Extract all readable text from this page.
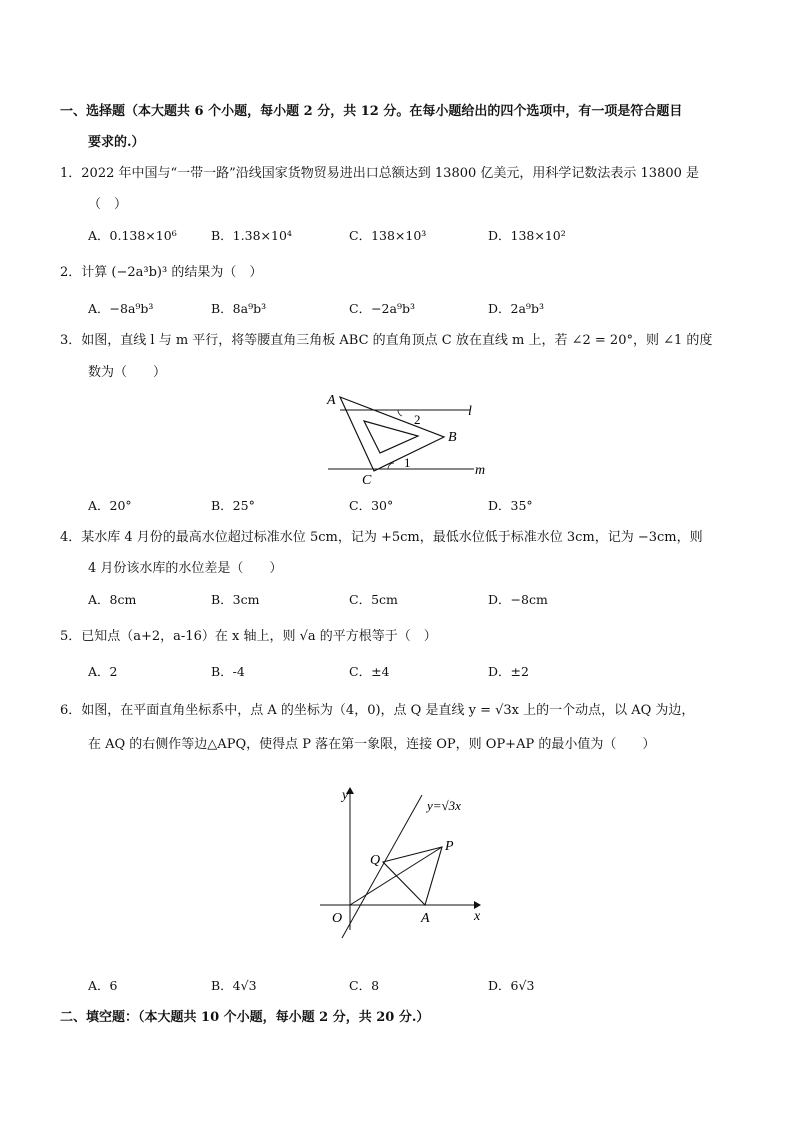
一、选择题（本大题共 6 个小题，每小题 2 分，共 12 分。在每小题给出的四个选项中，有一项是符合题目
要求的.）
1．2022 年中国与“一带一路”沿线国家货物贸易进出口总额达到 13800 亿美元，用科学记数法表示 13800 是
（　）
A．0.138×10⁶	B．1.38×10⁴	C．138×10³	D．138×10²
2．计算 (−2a³b)³ 的结果为（　）
A．−8a⁹b³	B．8a⁹b³	C．−2a⁹b³	D．2a⁹b³
3．如图，直线 l 与 m 平行，将等腰直角三角板 ABC 的直角顶点 C 放在直线 m 上，若 ∠2 = 20°，则 ∠1 的度
数为（　　）
A
B
C
l
m
2
1
A．20°	B．25°	C．30°	D．35°
4．某水库 4 月份的最高水位超过标准水位 5cm，记为 +5cm，最低水位低于标准水位 3cm，记为 −3cm，则
4 月份该水库的水位差是（　　）
A．8cm	B．3cm	C．5cm	D．−8cm
5．已知点（a+2，a-16）在 x 轴上，则 √a 的平方根等于（　）
A．2	B．-4	C．±4	D．±2
6．如图，在平面直角坐标系中，点 A 的坐标为（4，0)，点 Q 是直线 y = √3x 上的一个动点，以 AQ 为边，
在 AQ 的右侧作等边△APQ，使得点 P 落在第一象限，连接 OP，则 OP+AP 的最小值为（　　）
y
x
O	A
P
Q
y=√3x
A．6	B．4√3	C．8	D．6√3
二、填空题：（本大题共 10 个小题，每小题 2 分，共 20 分.）
